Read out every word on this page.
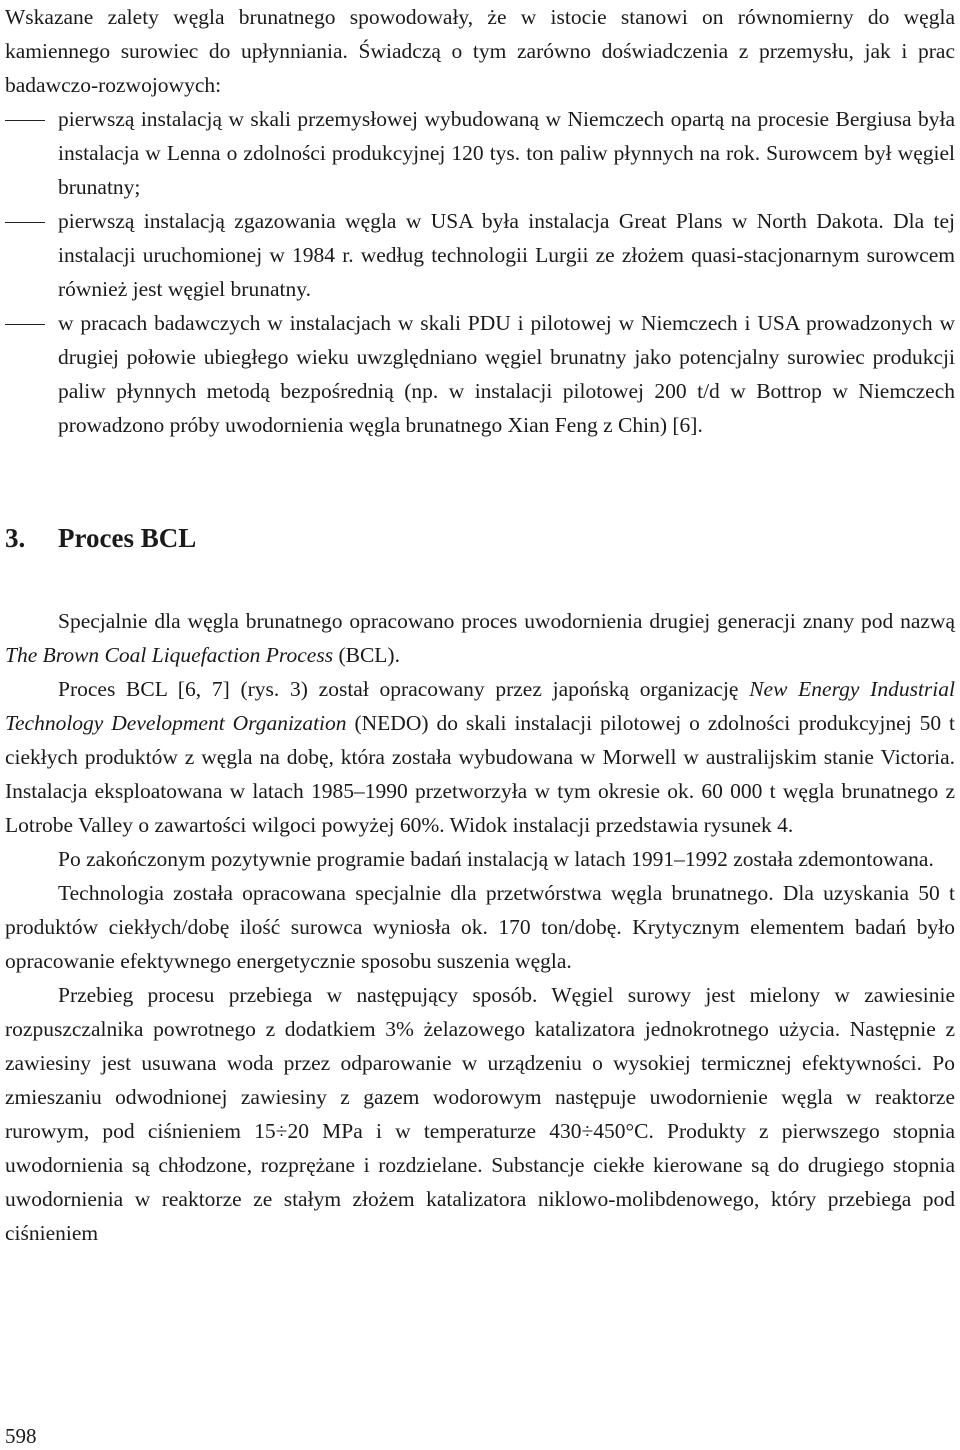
Wskazane zalety węgla brunatnego spowodowały, że w istocie stanowi on równomierny do węgla kamiennego surowiec do upłynniania. Świadczą o tym zarówno doświadczenia z przemysłu, jak i prac badawczo-rozwojowych:

pierwszą instalacją w skali przemysłowej wybudowaną w Niemczech opartą na procesie Bergiusa była instalacja w Lenna o zdolności produkcyjnej 120 tys. ton paliw płynnych na rok. Surowcem był węgiel brunatny;
pierwszą instalacją zgazowania węgla w USA była instalacja Great Plans w North Dakota. Dla tej instalacji uruchomionej w 1984 r. według technologii Lurgii ze złożem quasi-stacjonarnym surowcem również jest węgiel brunatny.
w pracach badawczych w instalacjach w skali PDU i pilotowej w Niemczech i USA prowadzonych w drugiej połowie ubiegłego wieku uwzględniano węgiel brunatny jako potencjalny surowiec produkcji paliw płynnych metodą bezpośrednią (np. w instalacji pilotowej 200 t/d w Bottrop w Niemczech prowadzono próby uwodornienia węgla brunatnego Xian Feng z Chin) [6].
3. Proces BCL

Specjalnie dla węgla brunatnego opracowano proces uwodornienia drugiej generacji znany pod nazwą The Brown Coal Liquefaction Process (BCL).

Proces BCL [6, 7] (rys. 3) został opracowany przez japońską organizację New Energy Industrial Technology Development Organization (NEDO) do skali instalacji pilotowej o zdolności produkcyjnej 50 t ciekłych produktów z węgla na dobę, która została wybudowana w Morwell w australijskim stanie Victoria. Instalacja eksploatowana w latach 1985–1990 przetworzyła w tym okresie ok. 60 000 t węgla brunatnego z Lotrobe Valley o zawartości wilgoci powyżej 60%. Widok instalacji przedstawia rysunek 4.

Po zakończonym pozytywnie programie badań instalacją w latach 1991–1992 została zdemontowana.

Technologia została opracowana specjalnie dla przetwórstwa węgla brunatnego. Dla uzyskania 50 t produktów ciekłych/dobę ilość surowca wyniosła ok. 170 ton/dobę. Krytycznym elementem badań było opracowanie efektywnego energetycznie sposobu suszenia węgla.

Przebieg procesu przebiega w następujący sposób. Węgiel surowy jest mielony w zawiesinie rozpuszczalnika powrotnego z dodatkiem 3% żelazowego katalizatora jednokrotnego użycia. Następnie z zawiesiny jest usuwana woda przez odparowanie w urządzeniu o wysokiej termicznej efektywności. Po zmieszaniu odwodnionej zawiesiny z gazem wodorowym następuje uwodornienie węgla w reaktorze rurowym, pod ciśnieniem 15÷20 MPa i w temperaturze 430÷450°C. Produkty z pierwszego stopnia uwodornienia są chłodzone, rozprężane i rozdzielane. Substancje ciekłe kierowane są do drugiego stopnia uwodornienia w reaktorze ze stałym złożem katalizatora niklowo-molibdenowego, który przebiega pod ciśnieniem

598
